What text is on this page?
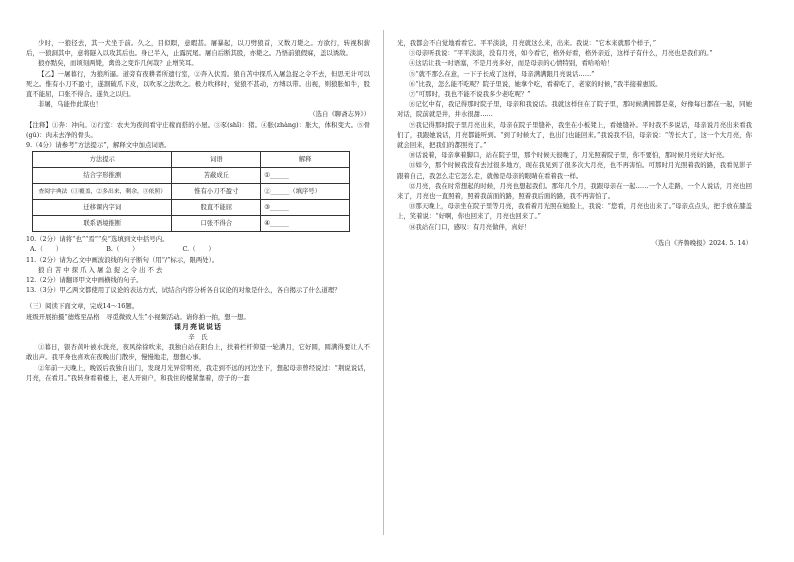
少时，一狼径去，其一犬坐于前。久之，目似瞑，意暇甚。屠暴起，以刀劈狼首，又数刀毙之。方欲行，转视积薪后，一狼洞其中，意将隧入以攻其后也。身已半入，止露尻尾。屠自后断其股，亦毙之。乃悟前狼假寐，盖以诱敌。

狼亦黠矣，而顷刻两毙，禽兽之变诈几何哉？止增笑耳。

【乙】一屠暮行，为狼所逼。道旁有夜耕者所遗行室，②奔入伏焉。狼自苫中探爪入屠急捉之令不去，但思无计可以死之。惟有小刀不盈寸，遂割破爪下皮，以吹豕之法吹之。极力吹移时，觉狼不甚动，方缚以带。出视，则狼胀如牛，股直不能屈，口张不得合。遂负之以归。

非屠，乌能作此谋也！

（选自《聊斋志异》）

【注释】①奔：冲向。②行室：农夫为夜间看守庄稼而搭的小屋。③豕(shǐ)：猪。④胀(zhàng)：胀大，体积变大。⑤骨(gǔ)：肉未去净的骨头。

9.（4分）请参考“方法提示”，解释文中加点词语。

方法提示	词语	解释
结合字形推测	苫蔽成丘	①______
查阅字典法（①覆盖，②多出来，剩余，③依照）	惟有小刀不盈寸	②______（填序号）
迁移课内字词	股直不能屈	③______
联系语境推断	口张不得合	④______

10.（2分）请将“也”“焉”“矣”选填到文中括号内。

A.（　　）	B.（　　）	C.（　　）

11.（2分）请为乙文中画波浪线的句子断句（用“/”标示，限两处）。

狼 自 苫 中 探 爪 入 屠 急 捉 之 令 出 不 去

12.（2分）请翻译甲文中画横线的句子。

13.（3分）甲乙两文都使用了议论的表达方式，试结合内容分析各自议论的对象是什么，各自揭示了什么道理？

（三）阅读下面文章，完成14～16题。

班级开展拍摄“德炼至品格　寻觅微致人生”小视频活动。请你拍一拍，想一想。

课月亮说说话

辛　氏

①暮日，银杏黄叶被水洗亮，夜风徐徐吹来，我独自站在阳台上，扶着栏杆仰望一轮满月，它好圆，圆满得要让人不敢出声。我平身也喜欢在夜晚出门散步，慢慢地走，想想心事。

②年前一天晚上，晚饭后我独自出门，发现月光异常明亮，我走到不远的河边坐下，想起母亲曾经说过：“荆说说话，月亮，在看月。”我转身看着楼上，老人开窗户，和我住的楼紧靠着，房子的一套

光，我都会不自觉地看看它。平平淡淡，月亮就这么来，出来。我说：“它本来就那个样子，”

③母亲听我说：“平平淡淡，没有月亮，如今看它，格外好看，格外亲近，这样子有什么，月亮也是我们的。”

④这话让我一时语塞，不是月亮多好，而是母亲的心情特别，看哈哈哈！

⑤“就不那么在意，一下子长成了这样，母亲满满跟月亮说话……”

⑥“比我，怎么能不吃呢？院子里说，她拿个吃，看着吃了，老家的时候，”我半接着惠饭。

⑦“可那时，我也不能不说我多少老吃呢？”

⑧记忆中有，我记得那时院子里，母亲和我说话。我就这样住在了院子里，那时候满园都是菜，好像每日都在一起，同她对话，院前就是井，井水很甜……

⑨我记得那时院子里月亮出来，母亲在院子里缝补，我坐在小板凳上，看她缝补。平时我不多说话，母亲说月亮出来看我们了，我跟她说话，月亮都能听到。“到了时候大了，也出门也能回来。”我说我不信，母亲说：“等长大了，这一个大月亮，你就会回来，把我们的都照亮了。”

⑩话说着，母亲拿着脚口，站在院子里，那个时候天很晚了，月光照着院子里，你不要怕，那时候月亮好大好亮。

⑪如今，那个时候我没有去过很多地方，现在我见到了很多次大月亮，也不再害怕。可那时月光照着我的路，我看见影子跟着自己，我怎么走它怎么走，就像是母亲的眼睛在看着我一样。

⑫月亮，我在时常想起的时候，月亮也想起我们。那年几个月，我跟母亲在一起……一个人走路，一个人说话，月亮也回来了，月亮也一直照着，照着我前面的路，照着我后面的路，我不再害怕了。

⑬那天晚上，母亲坐在院子里等月亮，我看着月光照在她脸上，我说：“您看，月亮也出来了。”母亲点点头，把手放在膝盖上，笑着说：“好啊，你也回来了，月亮也回来了。”

⑭我站在门口，感叹：有月亮做伴，真好！

（选自《齐鲁晚报》2024. 5. 14）
